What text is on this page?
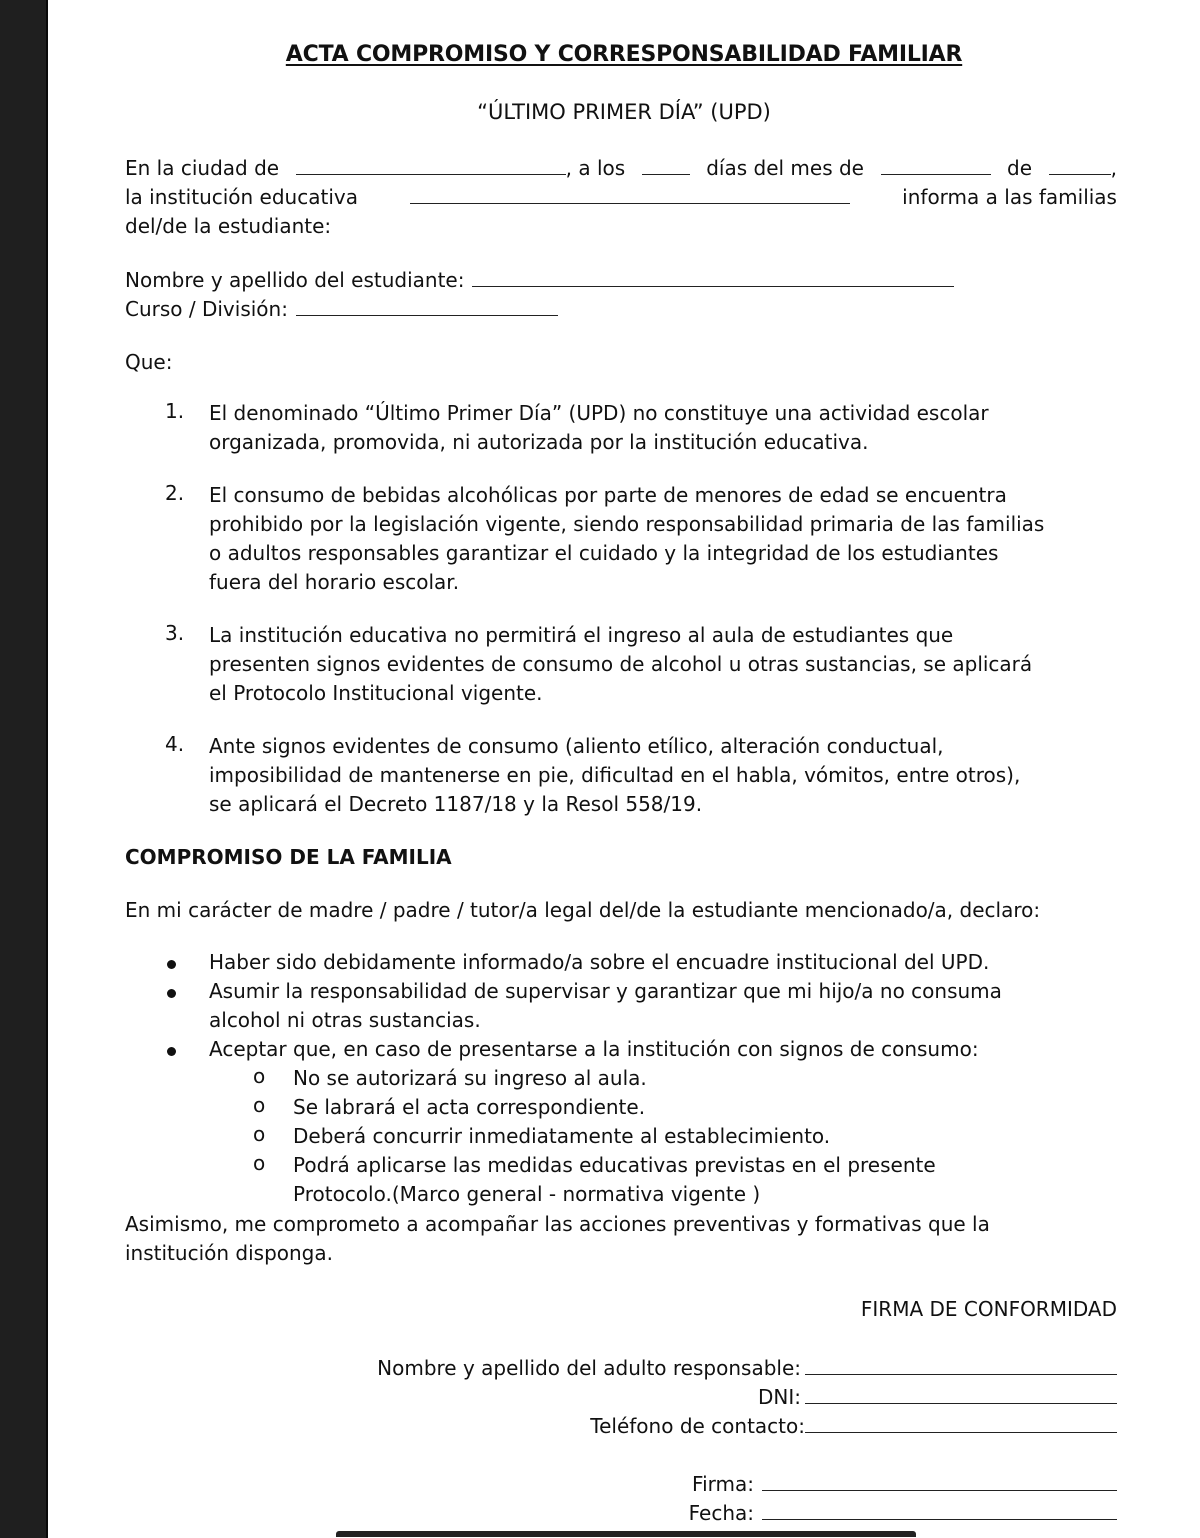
ACTA COMPROMISO Y CORRESPONSABILIDAD FAMILIAR
“ÚLTIMO PRIMER DÍA” (UPD)
En la ciudad de	, a los	días del mes de	de	,
la institución educativa	informa a las familias
del/de la estudiante:
Nombre y apellido del estudiante:
Curso / División:
Que:
1. El denominado “Último Primer Día” (UPD) no constituye una actividad escolar
organizada, promovida, ni autorizada por la institución educativa.
2. El consumo de bebidas alcohólicas por parte de menores de edad se encuentra
prohibido por la legislación vigente, siendo responsabilidad primaria de las familias
o adultos responsables garantizar el cuidado y la integridad de los estudiantes
fuera del horario escolar.
3. La institución educativa no permitirá el ingreso al aula de estudiantes que
presenten signos evidentes de consumo de alcohol u otras sustancias, se aplicará
el Protocolo Institucional vigente.
4. Ante signos evidentes de consumo (aliento etílico, alteración conductual,
imposibilidad de mantenerse en pie, dificultad en el habla, vómitos, entre otros),
se aplicará el Decreto 1187/18 y la Resol 558/19.
COMPROMISO DE LA FAMILIA
En mi carácter de madre / padre / tutor/a legal del/de la estudiante mencionado/a, declaro:
Haber sido debidamente informado/a sobre el encuadre institucional del UPD.
Asumir la responsabilidad de supervisar y garantizar que mi hijo/a no consuma
alcohol ni otras sustancias.
Aceptar que, en caso de presentarse a la institución con signos de consumo:
o No se autorizará su ingreso al aula.
o Se labrará el acta correspondiente.
o Deberá concurrir inmediatamente al establecimiento.
o Podrá aplicarse las medidas educativas previstas en el presente
Protocolo.(Marco general - normativa vigente )
Asimismo, me comprometo a acompañar las acciones preventivas y formativas que la
institución disponga.
FIRMA DE CONFORMIDAD
Nombre y apellido del adulto responsable:
DNI:
Teléfono de contacto:
Firma:
Fecha:
